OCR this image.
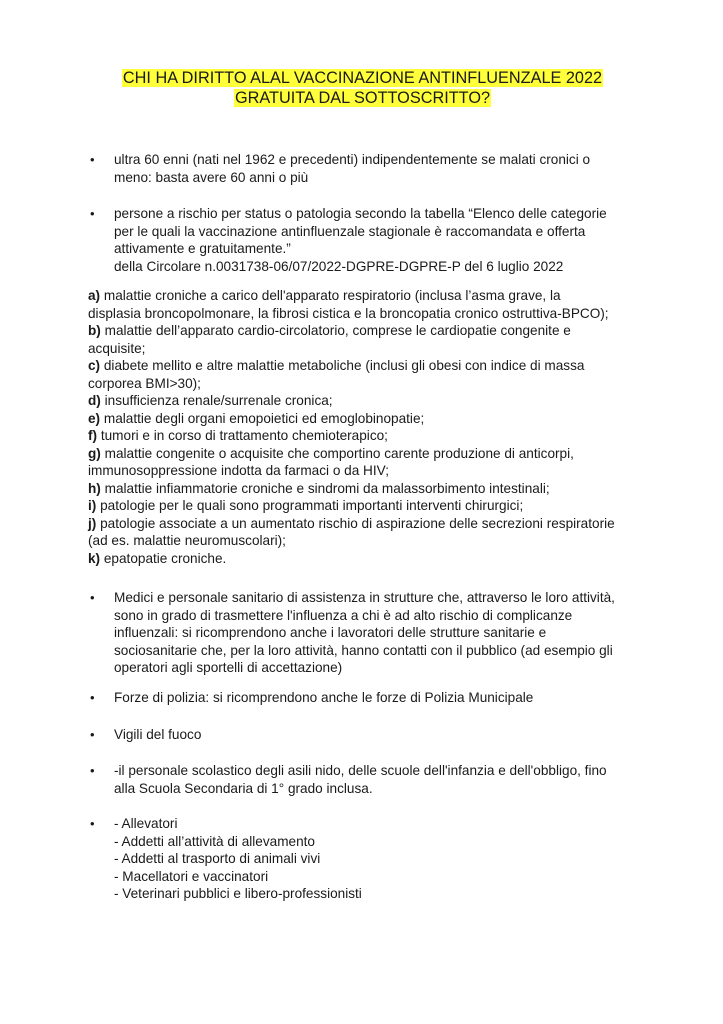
CHI HA DIRITTO ALAL VACCINAZIONE ANTINFLUENZALE 2022
GRATUITA DAL SOTTOSCRITTO?
•	ultra 60 enni (nati nel 1962 e precedenti) indipendentemente se malati cronici o
meno: basta avere 60 anni o più
•	persone a rischio per status o patologia secondo la tabella “Elenco delle categorie
per le quali la vaccinazione antinfluenzale stagionale è raccomandata e offerta
attivamente e gratuitamente.”
della Circolare n.0031738-06/07/2022-DGPRE-DGPRE-P del 6 luglio 2022
a) malattie croniche a carico dell'apparato respiratorio (inclusa l’asma grave, la
displasia broncopolmonare, la fibrosi cistica e la broncopatia cronico ostruttiva-BPCO);
b) malattie dell’apparato cardio-circolatorio, comprese le cardiopatie congenite e
acquisite;
c) diabete mellito e altre malattie metaboliche (inclusi gli obesi con indice di massa
corporea BMI>30);
d) insufficienza renale/surrenale cronica;
e) malattie degli organi emopoietici ed emoglobinopatie;
f) tumori e in corso di trattamento chemioterapico;
g) malattie congenite o acquisite che comportino carente produzione di anticorpi,
immunosoppressione indotta da farmaci o da HIV;
h) malattie infiammatorie croniche e sindromi da malassorbimento intestinali;
i) patologie per le quali sono programmati importanti interventi chirurgici;
j) patologie associate a un aumentato rischio di aspirazione delle secrezioni respiratorie
(ad es. malattie neuromuscolari);
k) epatopatie croniche.
•	Medici e personale sanitario di assistenza in strutture che, attraverso le loro attività,
sono in grado di trasmettere l'influenza a chi è ad alto rischio di complicanze
influenzali: si ricomprendono anche i lavoratori delle strutture sanitarie e
sociosanitarie che, per la loro attività, hanno contatti con il pubblico (ad esempio gli
operatori agli sportelli di accettazione)
•	Forze di polizia: si ricomprendono anche le forze di Polizia Municipale
•	Vigili del fuoco
•	-il personale scolastico degli asili nido, delle scuole dell'infanzia e dell'obbligo, fino
alla Scuola Secondaria di 1° grado inclusa.
•	- Allevatori
- Addetti all’attività di allevamento
- Addetti al trasporto di animali vivi
- Macellatori e vaccinatori
- Veterinari pubblici e libero-professionisti
